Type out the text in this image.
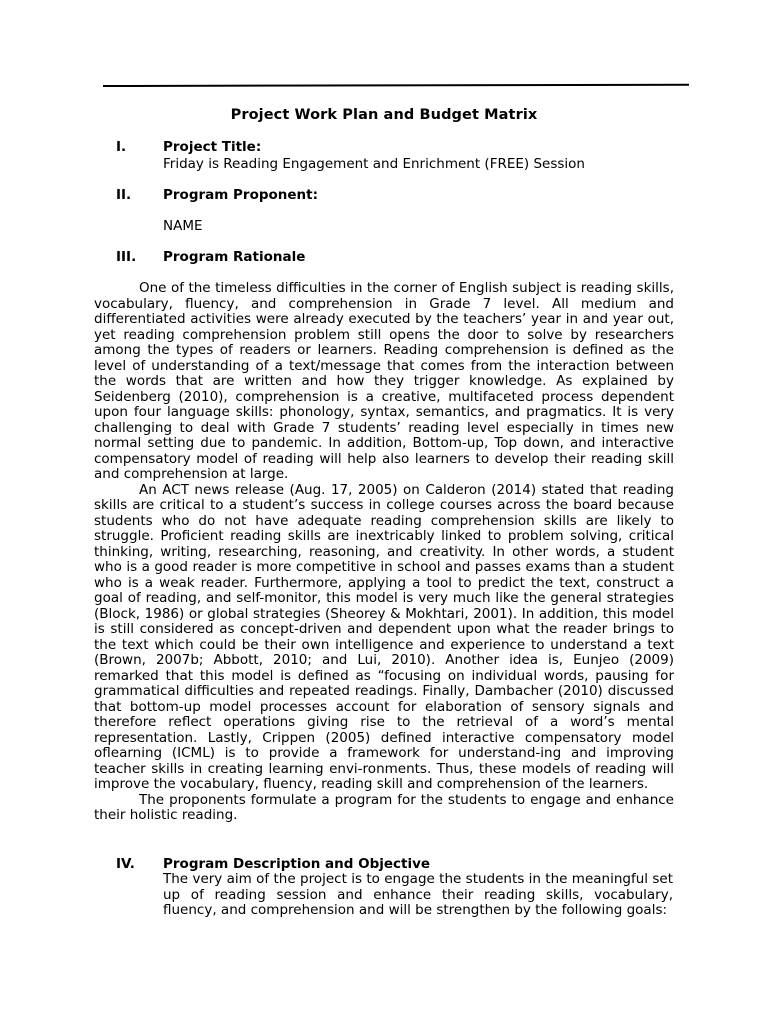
Project Work Plan and Budget Matrix
I.	Project Title:
Friday is Reading Engagement and Enrichment (FREE) Session
II. Program Proponent:
NAME
III. Program Rationale

One of the timeless difficulties in the corner of English subject is reading skills, vocabulary, fluency, and comprehension in Grade 7 level. All medium and differentiated activities were already executed by the teachers’ year in and year out, yet reading comprehension problem still opens the door to solve by researchers among the types of readers or learners. Reading comprehension is defined as the level of understanding of a text/message that comes from the interaction between the words that are written and how they trigger knowledge. As explained by Seidenberg (2010), comprehension is a creative, multifaceted process dependent upon four language skills: phonology, syntax, semantics, and pragmatics. It is very challenging to deal with Grade 7 students’ reading level especially in times new normal setting due to pandemic. In addition, Bottom-up, Top down, and interactive compensatory model of reading will help also learners to develop their reading skill and comprehension at large.

An ACT news release (Aug. 17, 2005) on Calderon (2014) stated that reading skills are critical to a student’s success in college courses across the board because students who do not have adequate reading comprehension skills are likely to struggle. Proficient reading skills are inextricably linked to problem solving, critical thinking, writing, researching, reasoning, and creativity. In other words, a student who is a good reader is more competitive in school and passes exams than a student who is a weak reader. Furthermore, applying a tool to predict the text, construct a goal of reading, and self-monitor, this model is very much like the general strategies (Block, 1986) or global strategies (Sheorey & Mokhtari, 2001). In addition, this model is still considered as concept-driven and dependent upon what the reader brings to the text which could be their own intelligence and experience to understand a text (Brown, 2007b; Abbott, 2010; and Lui, 2010). Another idea is, Eunjeo (2009) remarked that this model is defined as “focusing on individual words, pausing for grammatical difficulties and repeated readings. Finally, Dambacher (2010) discussed that bottom-up model processes account for elaboration of sensory signals and therefore reflect operations giving rise to the retrieval of a word’s mental representation. Lastly, Crippen (2005) defined interactive compensatory model oflearning (ICML) is to provide a framework for understand-ing and improving teacher skills in creating learning envi-ronments. Thus, these models of reading will improve the vocabulary, fluency, reading skill and comprehension of the learners.

The proponents formulate a program for the students to engage and enhance their holistic reading.

IV. Program Description and Objective

The very aim of the project is to engage the students in the meaningful set up of reading session and enhance their reading skills, vocabulary, fluency, and comprehension and will be strengthen by the following goals:
